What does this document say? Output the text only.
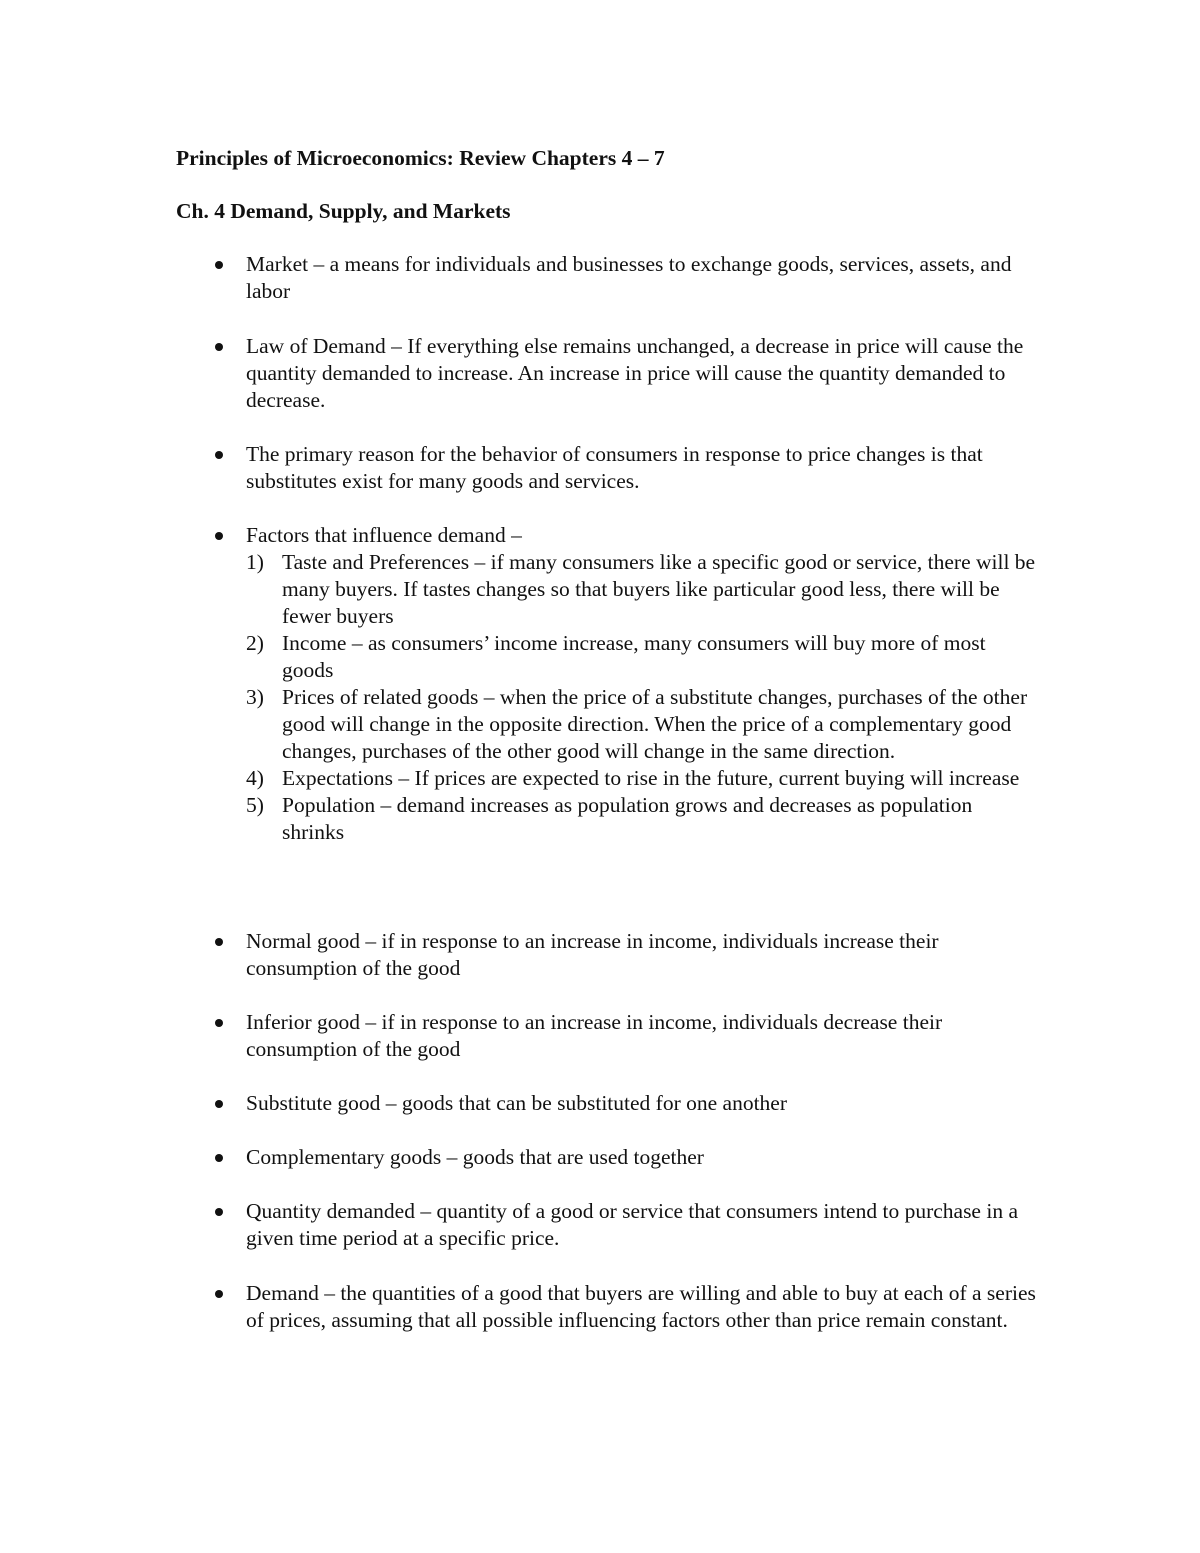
Principles of Microeconomics: Review Chapters 4 – 7
Ch. 4 Demand, Supply, and Markets
Market – a means for individuals and businesses to exchange goods, services, assets, and labor
Law of Demand – If everything else remains unchanged, a decrease in price will cause the quantity demanded to increase. An increase in price will cause the quantity demanded to decrease.
The primary reason for the behavior of consumers in response to price changes is that substitutes exist for many goods and services.
Factors that influence demand –
1) Taste and Preferences – if many consumers like a specific good or service, there will be many buyers. If tastes changes so that buyers like particular good less, there will be fewer buyers
2) Income – as consumers’ income increase, many consumers will buy more of most goods
3) Prices of related goods – when the price of a substitute changes, purchases of the other good will change in the opposite direction. When the price of a complementary good changes, purchases of the other good will change in the same direction.
4) Expectations – If prices are expected to rise in the future, current buying will increase
5) Population – demand increases as population grows and decreases as population shrinks
Normal good – if in response to an increase in income, individuals increase their consumption of the good
Inferior good – if in response to an increase in income, individuals decrease their consumption of the good
Substitute good – goods that can be substituted for one another
Complementary goods – goods that are used together
Quantity demanded – quantity of a good or service that consumers intend to purchase in a given time period at a specific price.
Demand – the quantities of a good that buyers are willing and able to buy at each of a series of prices, assuming that all possible influencing factors other than price remain constant.
